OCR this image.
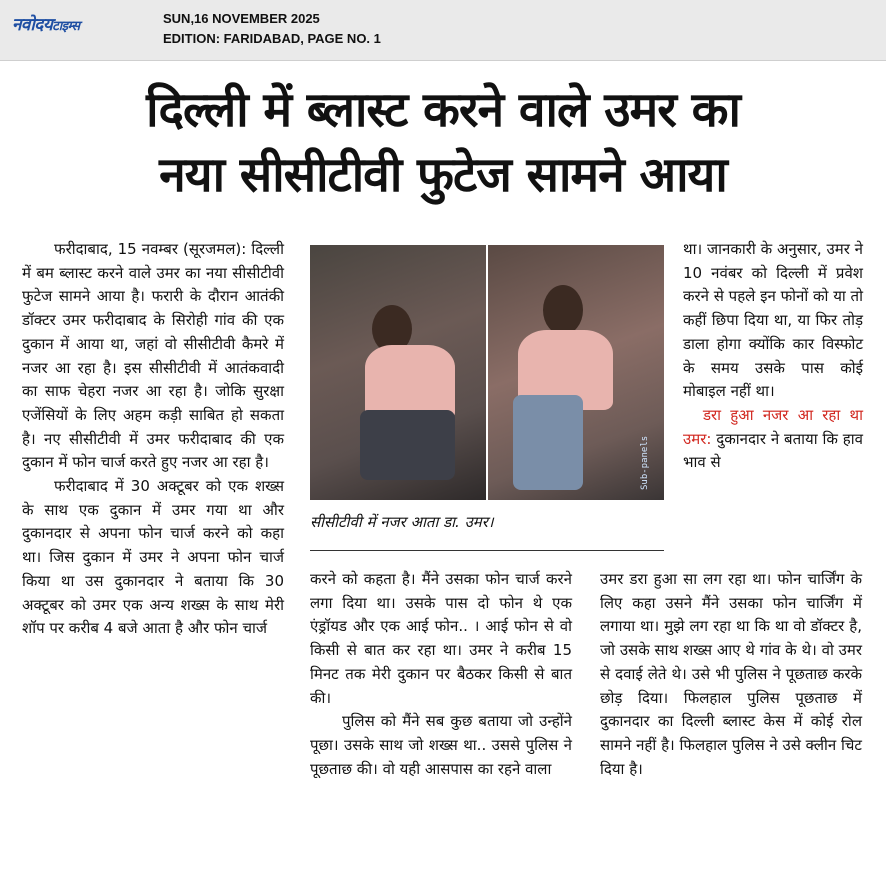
नवोदयटाइम्स
SUN,16 NOVEMBER 2025
EDITION: FARIDABAD, PAGE NO. 1
दिल्ली में ब्लास्ट करने वाले उमर का
नया सीसीटीवी फुटेज सामने आया

फरीदाबाद, 15 नवम्बर (सूरजमल): दिल्ली में बम ब्लास्ट करने वाले उमर का नया सीसीटीवी फुटेज सामने आया है। फरारी के दौरान आतंकी डॉक्टर उमर फरीदाबाद के सिरोही गांव की एक दुकान में आया था, जहां वो सीसीटीवी कैमरे में नजर आ रहा है। इस सीसीटीवी में आतंकवादी का साफ चेहरा नजर आ रहा है। जोकि सुरक्षा एजेंसियों के लिए अहम कड़ी साबित हो सकता है। नए सीसीटीवी में उमर फरीदाबाद की एक दुकान में फोन चार्ज करते हुए नजर आ रहा है।

फरीदाबाद में 30 अक्टूबर को एक शख्स के साथ एक दुकान में उमर गया था और दुकानदार से अपना फोन चार्ज करने को कहा था। जिस दुकान में उमर ने अपना फोन चार्ज किया था उस दुकानदार ने बताया कि 30 अक्टूबर को उमर एक अन्य शख्स के साथ मेरी शॉप पर करीब 4 बजे आता है और फोन चार्ज

Sub-panels
सीसीटीवी में नजर आता डा. उमर।

करने को कहता है। मैंने उसका फोन चार्ज करने लगा दिया था। उसके पास दो फोन थे एक एंड्रॉयड और एक आई फोन.. । आई फोन से वो किसी से बात कर रहा था। उमर ने करीब 15 मिनट तक मेरी दुकान पर बैठकर किसी से बात की।

पुलिस को मैंने सब कुछ बताया जो उन्होंने पूछा। उसके साथ जो शख्स था.. उससे पुलिस ने पूछताछ की। वो यही आसपास का रहने वाला

था। जानकारी के अनुसार, उमर ने 10 नवंबर को दिल्ली में प्रवेश करने से पहले इन फोनों को या तो कहीं छिपा दिया था, या फिर तोड़ डाला होगा क्योंकि कार विस्फोट के समय उसके पास कोई मोबाइल नहीं था।

डरा हुआ नजर आ रहा था उमर: दुकानदार ने बताया कि हाव भाव से

उमर डरा हुआ सा लग रहा था। फोन चार्जिंग के लिए कहा उसने मैंने उसका फोन चार्जिंग में लगाया था। मुझे लग रहा था कि था वो डॉक्टर है, जो उसके साथ शख्स आए थे गांव के थे। वो उमर से दवाई लेते थे। उसे भी पुलिस ने पूछताछ करके छोड़ दिया। फिलहाल पुलिस पूछताछ में दुकानदार का दिल्ली ब्लास्ट केस में कोई रोल सामने नहीं है। फिलहाल पुलिस ने उसे क्लीन चिट दिया है।
